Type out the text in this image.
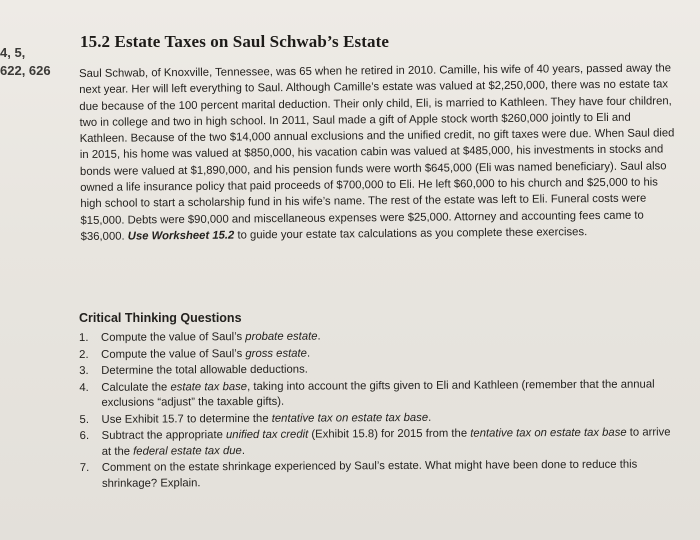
4, 5,
622, 626
15.2 Estate Taxes on Saul Schwab’s Estate
Saul Schwab, of Knoxville, Tennessee, was 65 when he retired in 2010. Camille, his wife of 40 years, passed away the next year. Her will left everything to Saul. Although Camille’s estate was valued at $2,250,000, there was no estate tax due because of the 100 percent marital deduction. Their only child, Eli, is married to Kathleen. They have four children, two in college and two in high school. In 2011, Saul made a gift of Apple stock worth $260,000 jointly to Eli and Kathleen. Because of the two $14,000 annual exclusions and the unified credit, no gift taxes were due. When Saul died in 2015, his home was valued at $850,000, his vacation cabin was valued at $485,000, his investments in stocks and bonds were valued at $1,890,000, and his pension funds were worth $645,000 (Eli was named beneficiary). Saul also owned a life insurance policy that paid proceeds of $700,000 to Eli. He left $60,000 to his church and $25,000 to his high school to start a scholarship fund in his wife’s name. The rest of the estate was left to Eli. Funeral costs were $15,000. Debts were $90,000 and miscellaneous expenses were $25,000. Attorney and accounting fees came to $36,000. Use Worksheet 15.2 to guide your estate tax calculations as you complete these exercises.
Critical Thinking Questions
1.	Compute the value of Saul’s probate estate.
2.	Compute the value of Saul’s gross estate.
3.	Determine the total allowable deductions.
4.	Calculate the estate tax base, taking into account the gifts given to Eli and Kathleen (remember that the annual exclusions “adjust” the taxable gifts).
5.	Use Exhibit 15.7 to determine the tentative tax on estate tax base.
6.	Subtract the appropriate unified tax credit (Exhibit 15.8) for 2015 from the tentative tax on estate tax base to arrive at the federal estate tax due.
7.	Comment on the estate shrinkage experienced by Saul’s estate. What might have been done to reduce this shrinkage? Explain.
